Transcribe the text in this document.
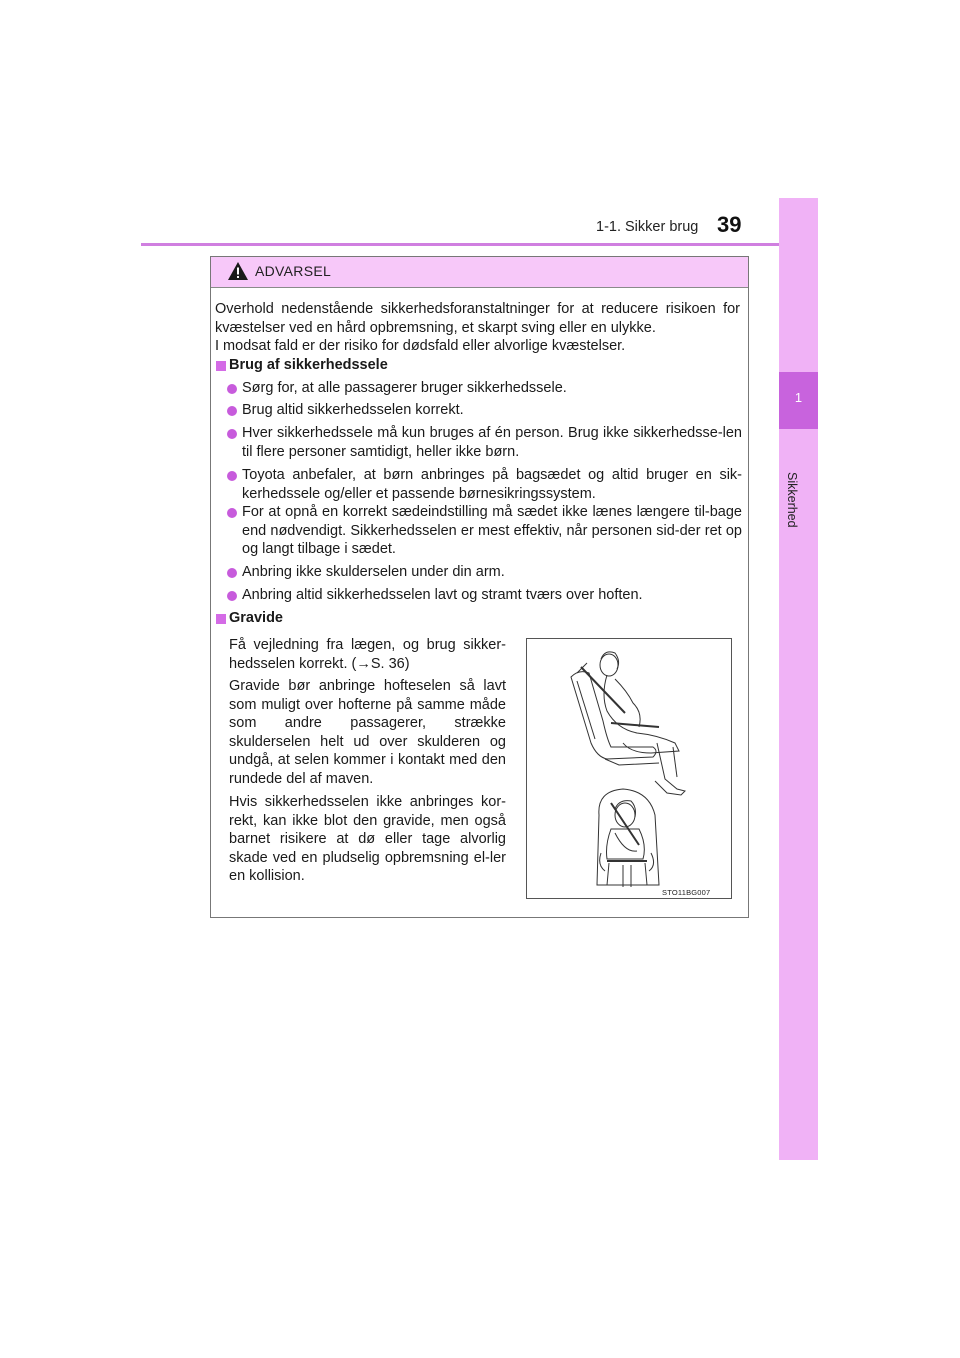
1-1. Sikker brug 39
1
Sikkerhed
ADVARSEL
Overhold nedenstående sikkerhedsforanstaltninger for at reducere risikoen for kvæstelser ved en hård opbremsning, et skarpt sving eller en ulykke.
I modsat fald er der risiko for dødsfald eller alvorlige kvæstelser.
Brug af sikkerhedssele
Sørg for, at alle passagerer bruger sikkerhedssele.
Brug altid sikkerhedsselen korrekt.
Hver sikkerhedssele må kun bruges af én person. Brug ikke sikkerhedsse-len til flere personer samtidigt, heller ikke børn.
Toyota anbefaler, at børn anbringes på bagsædet og altid bruger en sik-kerhedssele og/eller et passende børnesikringssystem.
For at opnå en korrekt sædeindstilling må sædet ikke lænes længere til-bage end nødvendigt. Sikkerhedsselen er mest effektiv, når personen sid-der ret op og langt tilbage i sædet.
Anbring ikke skulderselen under din arm.
Anbring altid sikkerhedsselen lavt og stramt tværs over hoften.
Gravide
Få vejledning fra lægen, og brug sikker-hedsselen korrekt. (→S. 36)
Gravide bør anbringe hofteselen så lavt som muligt over hofterne på samme måde som andre passagerer, strække skulderselen helt ud over skulderen og undgå, at selen kommer i kontakt med den rundede del af maven.
Hvis sikkerhedsselen ikke anbringes kor-rekt, kan ikke blot den gravide, men også barnet risikere at dø eller tage alvorlig skade ved en pludselig opbremsning el-ler en kollision.
STO11BG007
